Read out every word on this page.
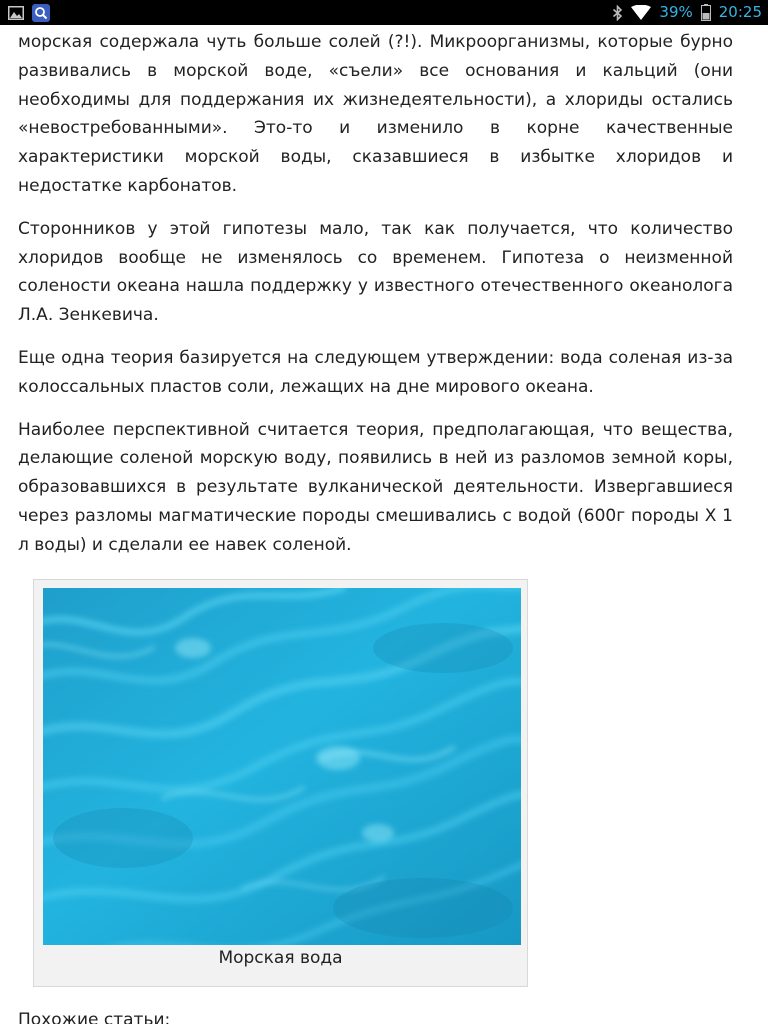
39% 20:25

морская содержала чуть больше солей (?!). Микроорганизмы, которые бурно развивались в морской воде, «съели» все основания и кальций (они необходимы для поддержания их жизнедеятельности), а хлориды остались «невостребованными». Это-то и изменило в корне качественные характеристики морской воды, сказавшиеся в избытке хлоридов и недостатке карбонатов.

Сторонников у этой гипотезы мало, так как получается, что количество хлоридов вообще не изменялось со временем. Гипотеза о неизменной солености океана нашла поддержку у известного отечественного океанолога Л.А. Зенкевича.

Еще одна теория базируется на следующем утверждении: вода соленая из-за колоссальных пластов соли, лежащих на дне мирового океана.

Наиболее перспективной считается теория, предполагающая, что вещества, делающие соленой морскую воду, появились в ней из разломов земной коры, образовавшихся в результате вулканической деятельности. Извергавшиеся через разломы магматические породы смешивались с водой (600г породы Х 1 л воды) и сделали ее навек соленой.

Морская вода
Похожие статьи:
